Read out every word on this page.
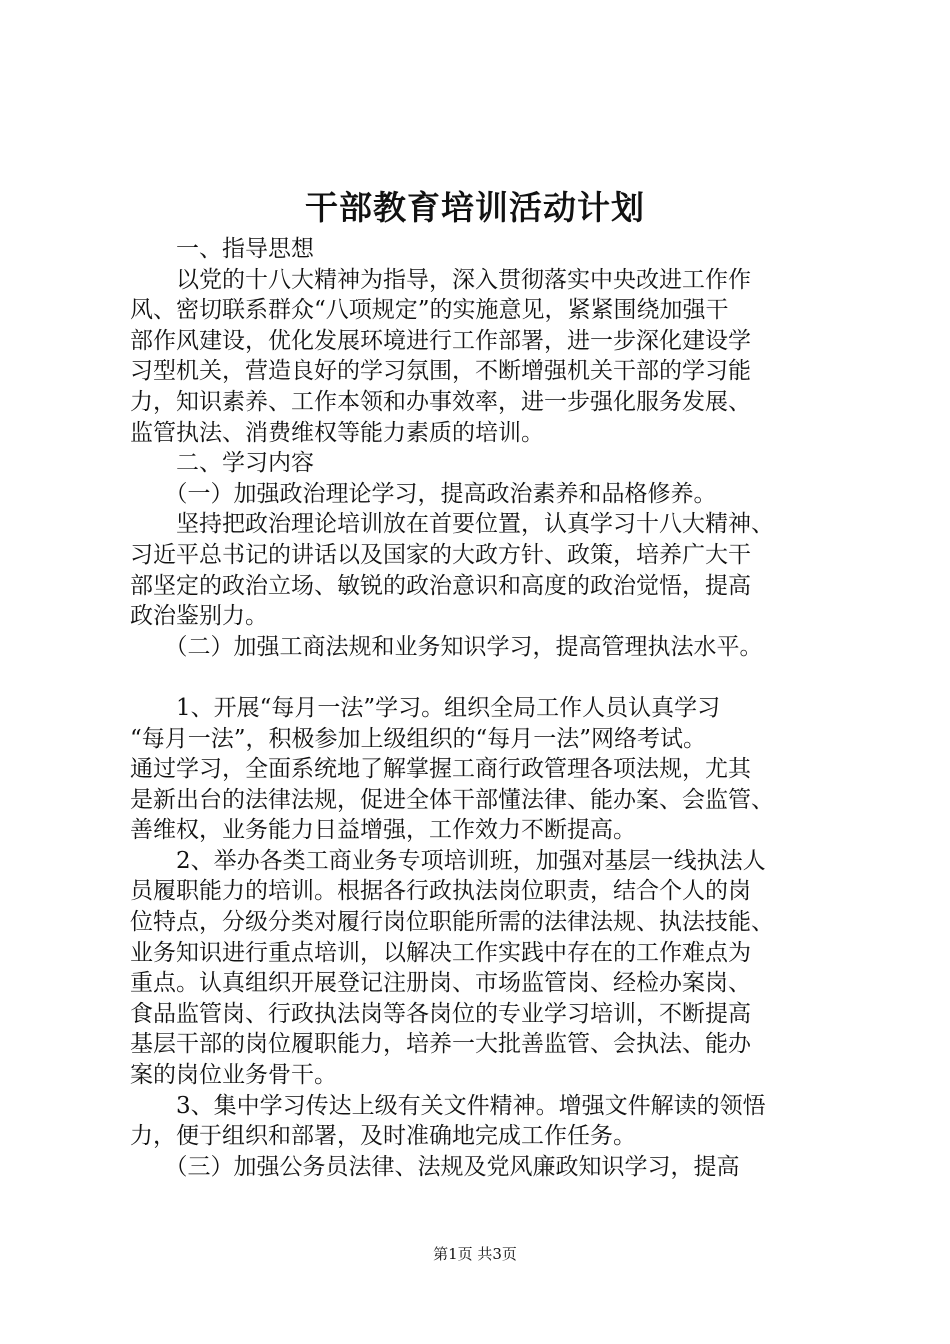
干部教育培训活动计划
　　一、指导思想
　　以党的十八大精神为指导，深入贯彻落实中央改进工作作
风、密切联系群众“八项规定”的实施意见，紧紧围绕加强干
部作风建设，优化发展环境进行工作部署，进一步深化建设学
习型机关，营造良好的学习氛围，不断增强机关干部的学习能
力，知识素养、工作本领和办事效率，进一步强化服务发展、
监管执法、消费维权等能力素质的培训。
　　二、学习内容
　　（一）加强政治理论学习，提高政治素养和品格修养。
　　坚持把政治理论培训放在首要位置，认真学习十八大精神、
习近平总书记的讲话以及国家的大政方针、政策，培养广大干
部坚定的政治立场、敏锐的政治意识和高度的政治觉悟，提高
政治鉴别力。
　　（二）加强工商法规和业务知识学习，提高管理执法水平。
　　1、开展“每月一法”学习。组织全局工作人员认真学习
“每月一法”，积极参加上级组织的“每月一法”网络考试。
通过学习，全面系统地了解掌握工商行政管理各项法规，尤其
是新出台的法律法规，促进全体干部懂法律、能办案、会监管、
善维权，业务能力日益增强，工作效力不断提高。
　　2、举办各类工商业务专项培训班，加强对基层一线执法人
员履职能力的培训。根据各行政执法岗位职责，结合个人的岗
位特点，分级分类对履行岗位职能所需的法律法规、执法技能、
业务知识进行重点培训，以解决工作实践中存在的工作难点为
重点。认真组织开展登记注册岗、市场监管岗、经检办案岗、
食品监管岗、行政执法岗等各岗位的专业学习培训，不断提高
基层干部的岗位履职能力，培养一大批善监管、会执法、能办
案的岗位业务骨干。
　　3、集中学习传达上级有关文件精神。增强文件解读的领悟
力，便于组织和部署，及时准确地完成工作任务。
　　（三）加强公务员法律、法规及党风廉政知识学习，提高
第1页 共3页
